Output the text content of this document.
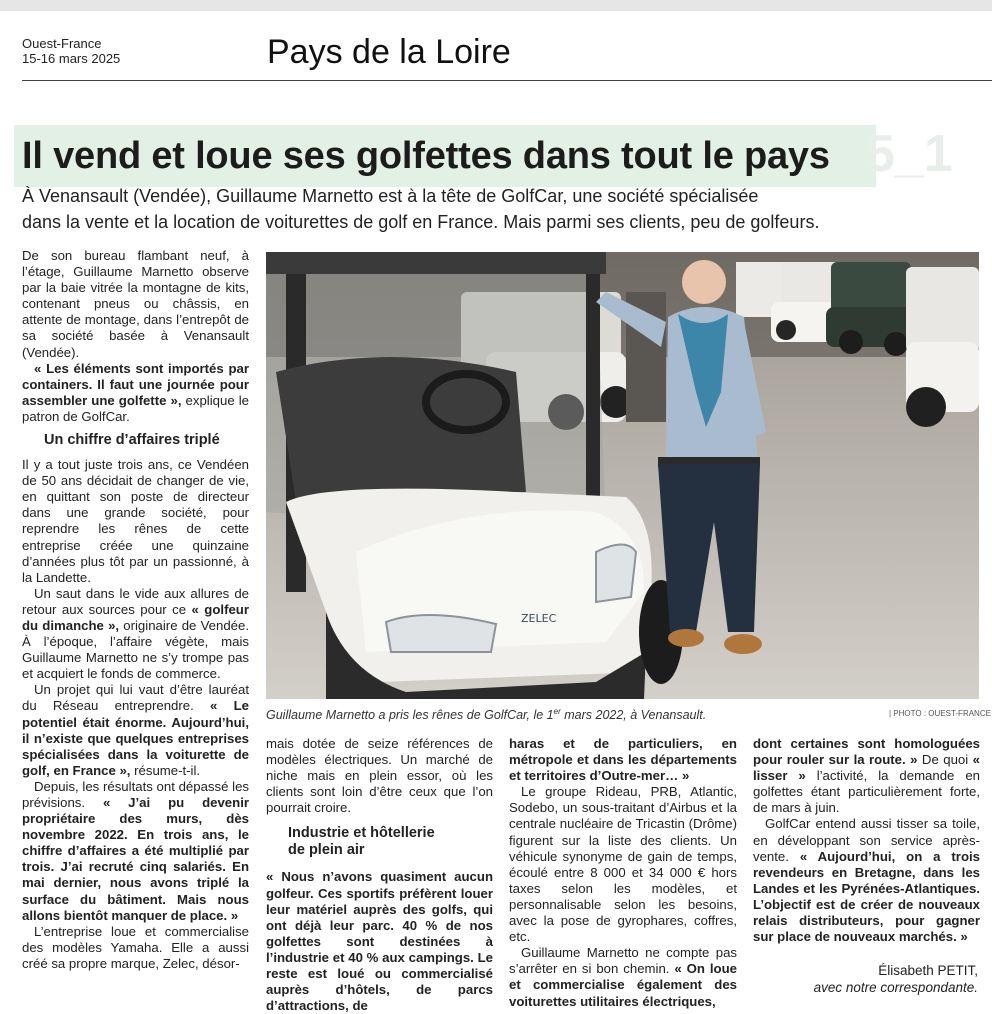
Ouest-France
15-16 mars 2025	Pays de la Loire
5_1
Il vend et loue ses golfettes dans tout le pays
À Venansault (Vendée), Guillaume Marnetto est à la tête de GolfCar, une société spécialisée
dans la vente et la location de voiturettes de golf en France. Mais parmi ses clients, peu de golfeurs.

De son bureau flambant neuf, à l’étage, Guillaume Marnetto observe par la baie vitrée la montagne de kits, contenant pneus ou châssis, en attente de montage, dans l’entrepôt de sa société basée à Venansault (Vendée).

« Les éléments sont importés par containers. Il faut une journée pour assembler une golfette », explique le patron de GolfCar.

Un chiffre d’affaires triplé

Il y a tout juste trois ans, ce Vendéen de 50 ans décidait de changer de vie, en quittant son poste de directeur dans une grande société, pour reprendre les rênes de cette entreprise créée une quinzaine d’années plus tôt par un passionné, à la Landette.

Un saut dans le vide aux allures de retour aux sources pour ce « golfeur du dimanche », originaire de Vendée. À l’époque, l’affaire végète, mais Guillaume Marnetto ne s’y trompe pas et acquiert le fonds de commerce.

Un projet qui lui vaut d’être lauréat du Réseau entreprendre. « Le potentiel était énorme. Aujourd’hui, il n’existe que quelques entreprises spécialisées dans la voiturette de golf, en France », résume-t-il.

Depuis, les résultats ont dépassé les prévisions. « J’ai pu devenir propriétaire des murs, dès novembre 2022. En trois ans, le chiffre d’affaires a été multiplié par trois. J’ai recruté cinq salariés. En mai dernier, nous avons triplé la surface du bâtiment. Mais nous allons bientôt manquer de place. »

L’entreprise loue et commercialise des modèles Yamaha. Elle a aussi créé sa propre marque, Zelec, désor-

ZELEC
Guillaume Marnetto a pris les rênes de GolfCar, le 1er mars 2022, à Venansault.	| PHOTO : OUEST-FRANCE

mais dotée de seize références de modèles électriques. Un marché de niche mais en plein essor, où les clients sont loin d’être ceux que l’on pourrait croire.

Industrie et hôtellerie
de plein air

« Nous n’avons quasiment aucun golfeur. Ces sportifs préfèrent louer leur matériel auprès des golfs, qui ont déjà leur parc. 40 % de nos golfettes sont destinées à l’industrie et 40 % aux campings. Le reste est loué ou commercialisé auprès d’hôtels, de parcs d’attractions, de

haras et de particuliers, en métropole et dans les départements et territoires d’Outre-mer… »

Le groupe Rideau, PRB, Atlantic, Sodebo, un sous-traitant d’Airbus et la centrale nucléaire de Tricastin (Drôme) figurent sur la liste des clients. Un véhicule synonyme de gain de temps, écoulé entre 8 000 et 34 000 € hors taxes selon les modèles, et personnalisable selon les besoins, avec la pose de gyrophares, coffres, etc.

Guillaume Marnetto ne compte pas s’arrêter en si bon chemin. « On loue et commercialise également des voiturettes utilitaires électriques,

dont certaines sont homologuées pour rouler sur la route. » De quoi « lisser » l’activité, la demande en golfettes étant particulièrement forte, de mars à juin.

GolfCar entend aussi tisser sa toile, en développant son service après-vente. « Aujourd’hui, on a trois revendeurs en Bretagne, dans les Landes et les Pyrénées-Atlantiques. L’objectif est de créer de nouveaux relais distributeurs, pour gagner sur place de nouveaux marchés. »

Élisabeth PETIT,
avec notre correspondante.
